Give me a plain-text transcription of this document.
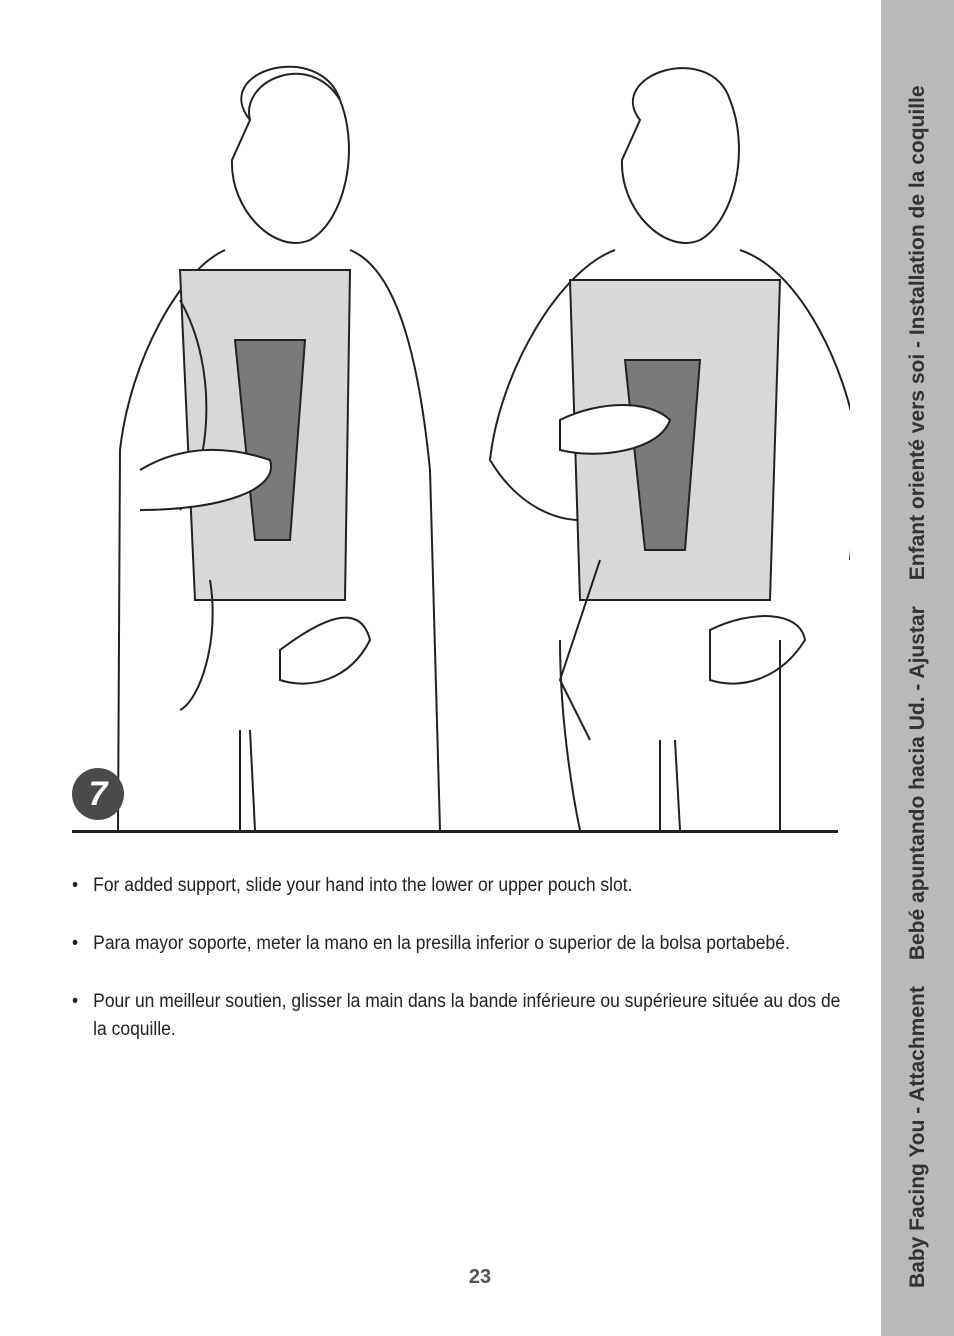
7
• For added support, slide your hand into the lower or upper pouch slot.
• Para mayor soporte, meter la mano en la presilla inferior o superior de la bolsa portabebé.
• Pour un meilleur soutien, glisser la main dans la bande inférieure ou supérieure située au dos de la coquille.
23	Baby Facing You - Attachment
Bebé apuntando hacia Ud. - Ajustar
Enfant orienté vers soi - Installation de la coquille
